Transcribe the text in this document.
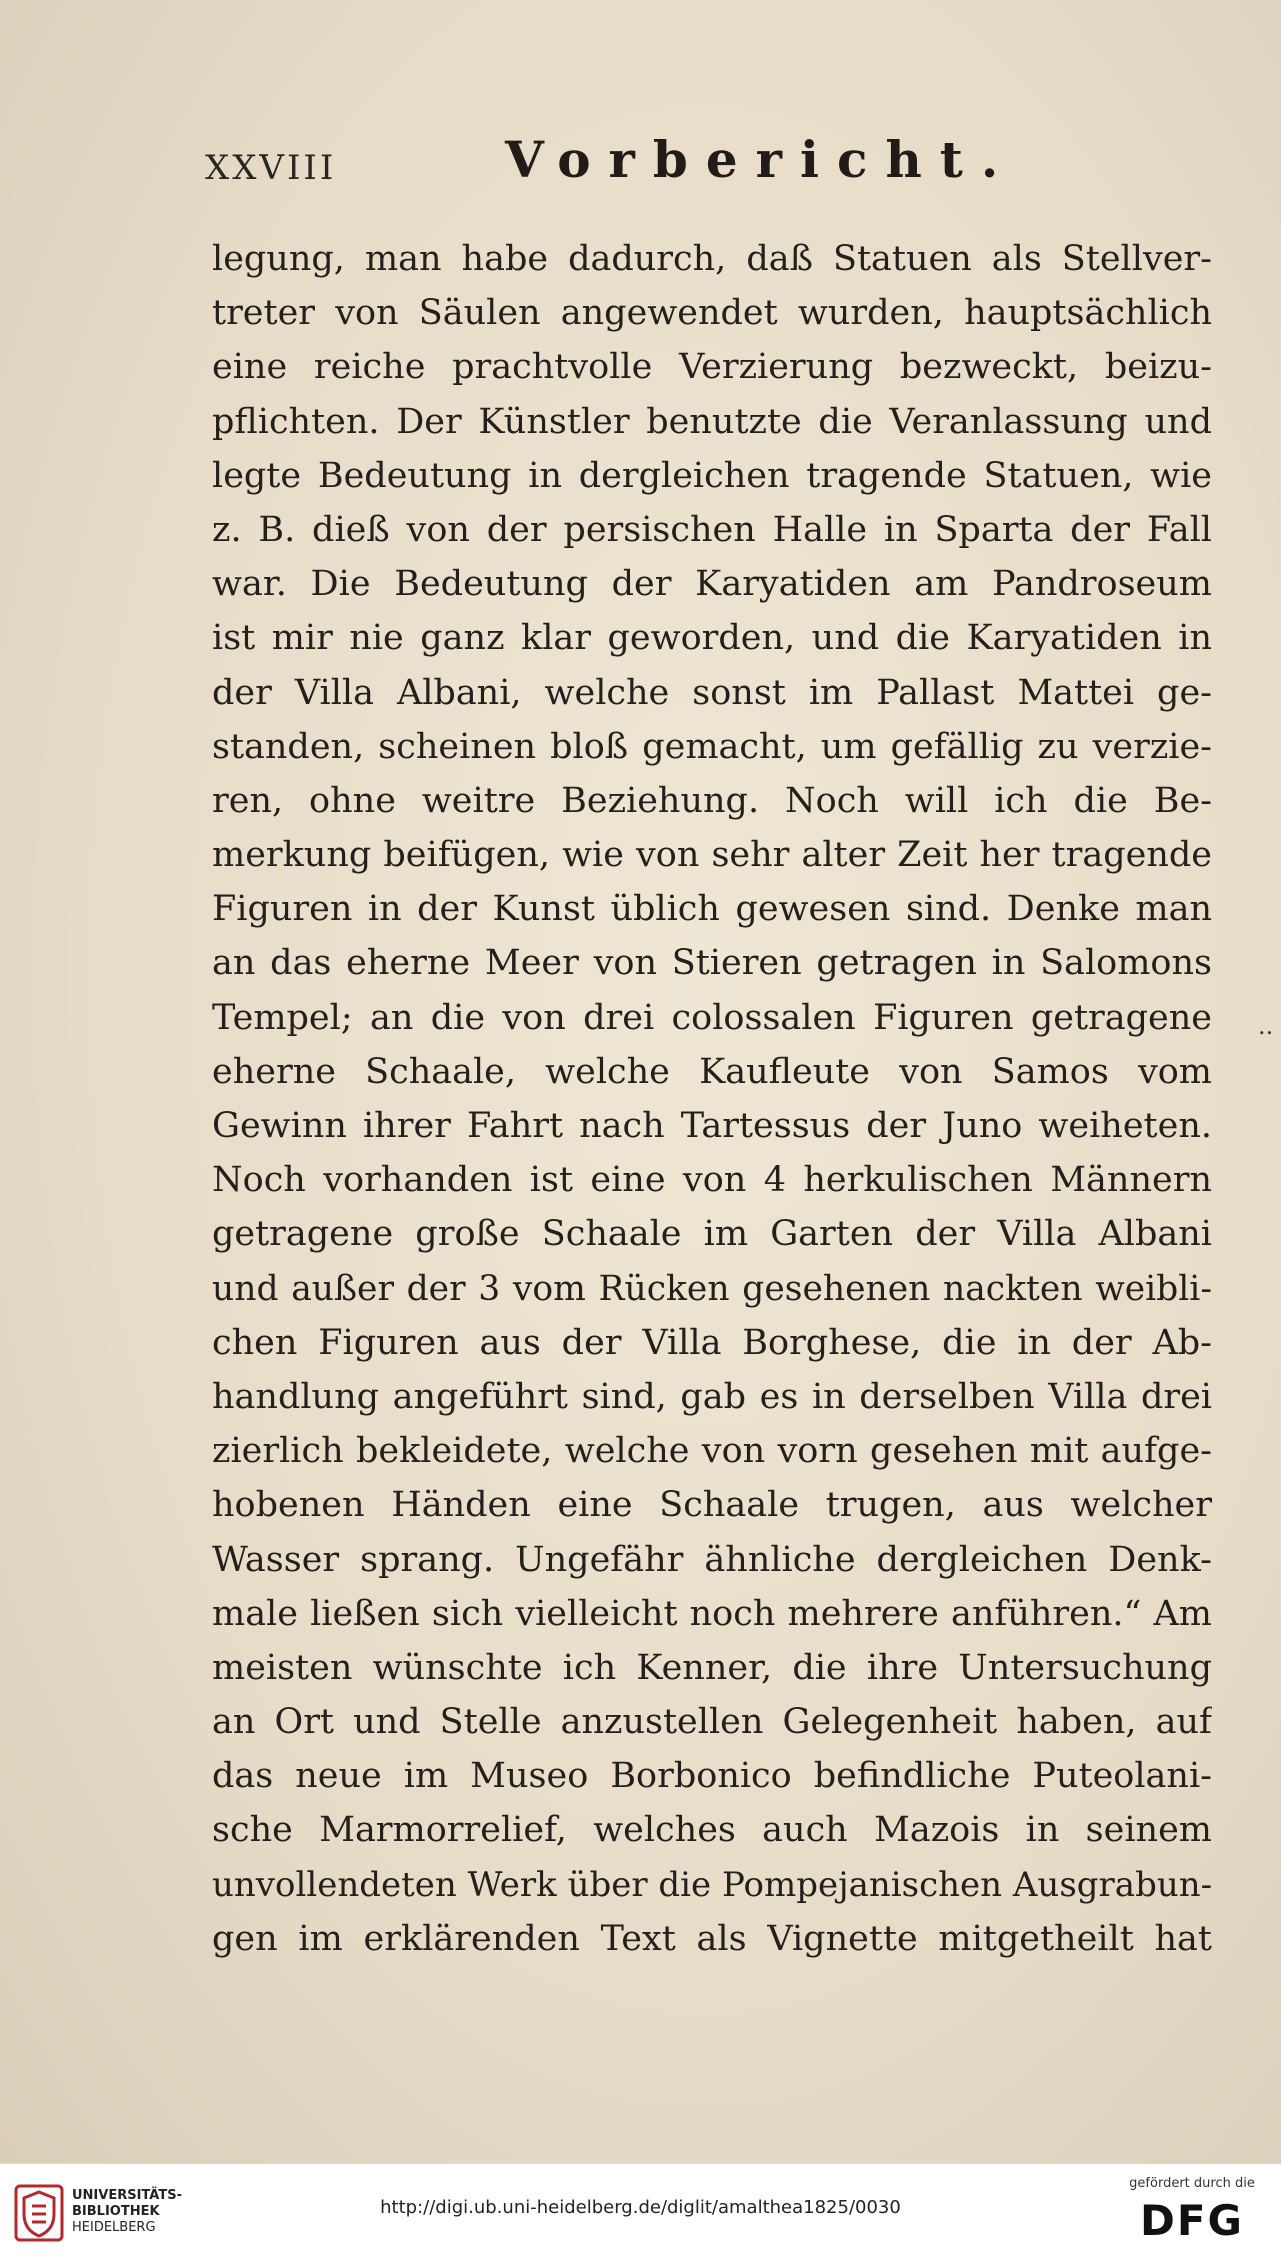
XXVIII	Vorbericht.
legung, man habe dadurch, daß Statuen als Stellver-
treter von Säulen angewendet wurden, hauptsächlich
eine reiche prachtvolle Verzierung bezweckt, beizu-
pflichten. Der Künstler benutzte die Veranlassung und
legte Bedeutung in dergleichen tragende Statuen, wie
z. B. dieß von der persischen Halle in Sparta der Fall
war. Die Bedeutung der Karyatiden am Pandroseum
ist mir nie ganz klar geworden, und die Karyatiden in
der Villa Albani, welche sonst im Pallast Mattei ge-
standen, scheinen bloß gemacht, um gefällig zu verzie-
ren, ohne weitre Beziehung. Noch will ich die Be-
merkung beifügen, wie von sehr alter Zeit her tragende
Figuren in der Kunst üblich gewesen sind. Denke man
an das eherne Meer von Stieren getragen in Salomons
Tempel; an die von drei colossalen Figuren getragene
eherne Schaale, welche Kaufleute von Samos vom
Gewinn ihrer Fahrt nach Tartessus der Juno weiheten.
Noch vorhanden ist eine von 4 herkulischen Männern
getragene große Schaale im Garten der Villa Albani
und außer der 3 vom Rücken gesehenen nackten weibli-
chen Figuren aus der Villa Borghese, die in der Ab-
handlung angeführt sind, gab es in derselben Villa drei
zierlich bekleidete, welche von vorn gesehen mit aufge-
hobenen Händen eine Schaale trugen, aus welcher
Wasser sprang. Ungefähr ähnliche dergleichen Denk-
male ließen sich vielleicht noch mehrere anführen.“ Am
meisten wünschte ich Kenner, die ihre Untersuchung
an Ort und Stelle anzustellen Gelegenheit haben, auf
das neue im Museo Borbonico befindliche Puteolani-
sche Marmorrelief, welches auch Mazois in seinem
unvollendeten Werk über die Pompejanischen Ausgrabun-
gen im erklärenden Text als Vignette mitgetheilt hat
..
UNIVERSITÄTS-
BIBLIOTHEK
HEIDELBERG
http://digi.ub.uni-heidelberg.de/diglit/amalthea1825/0030
gefördert durch die
DFG
